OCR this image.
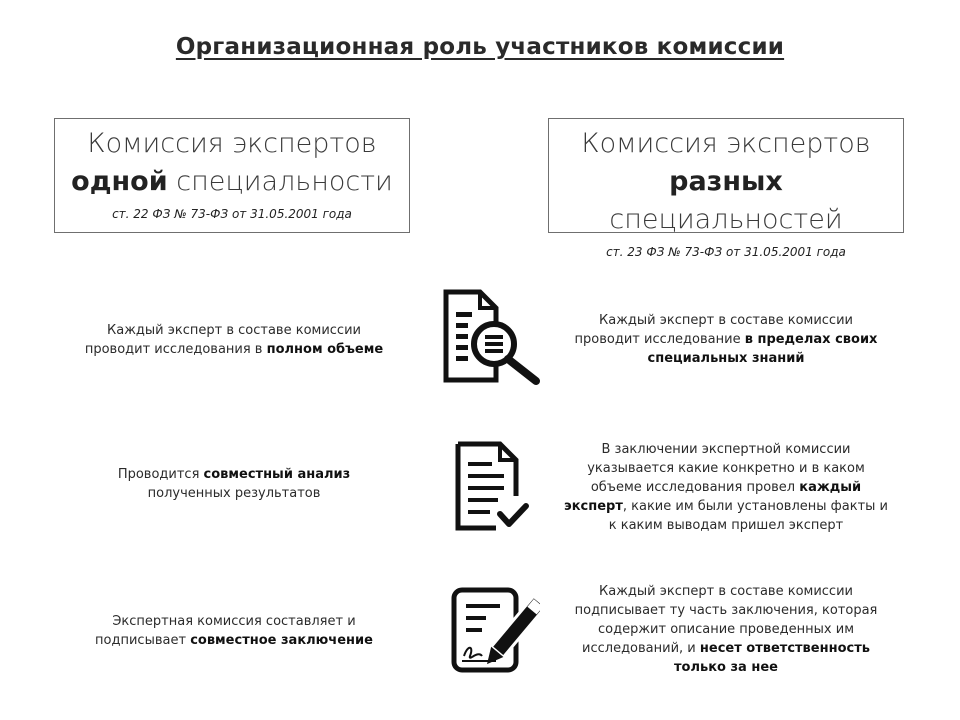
Организационная роль участников комиссии
Комиссия экспертов
одной специальности
ст. 22 ФЗ № 73-ФЗ от 31.05.2001 года
Комиссия экспертов
разных специальностей
ст. 23 ФЗ № 73-ФЗ от 31.05.2001 года
Каждый эксперт в составе комиссии
проводит исследования в полном объеме
Каждый эксперт в составе комиссии
проводит исследование в пределах своих
специальных знаний
Проводится совместный анализ
полученных результатов
В заключении экспертной комиссии
указывается какие конкретно и в каком
объеме исследования провел каждый
эксперт, какие им были установлены факты и
к каким выводам пришел эксперт
Экспертная комиссия составляет и
подписывает совместное заключение
Каждый эксперт в составе комиссии
подписывает ту часть заключения, которая
содержит описание проведенных им
исследований, и несет ответственность
только за нее
